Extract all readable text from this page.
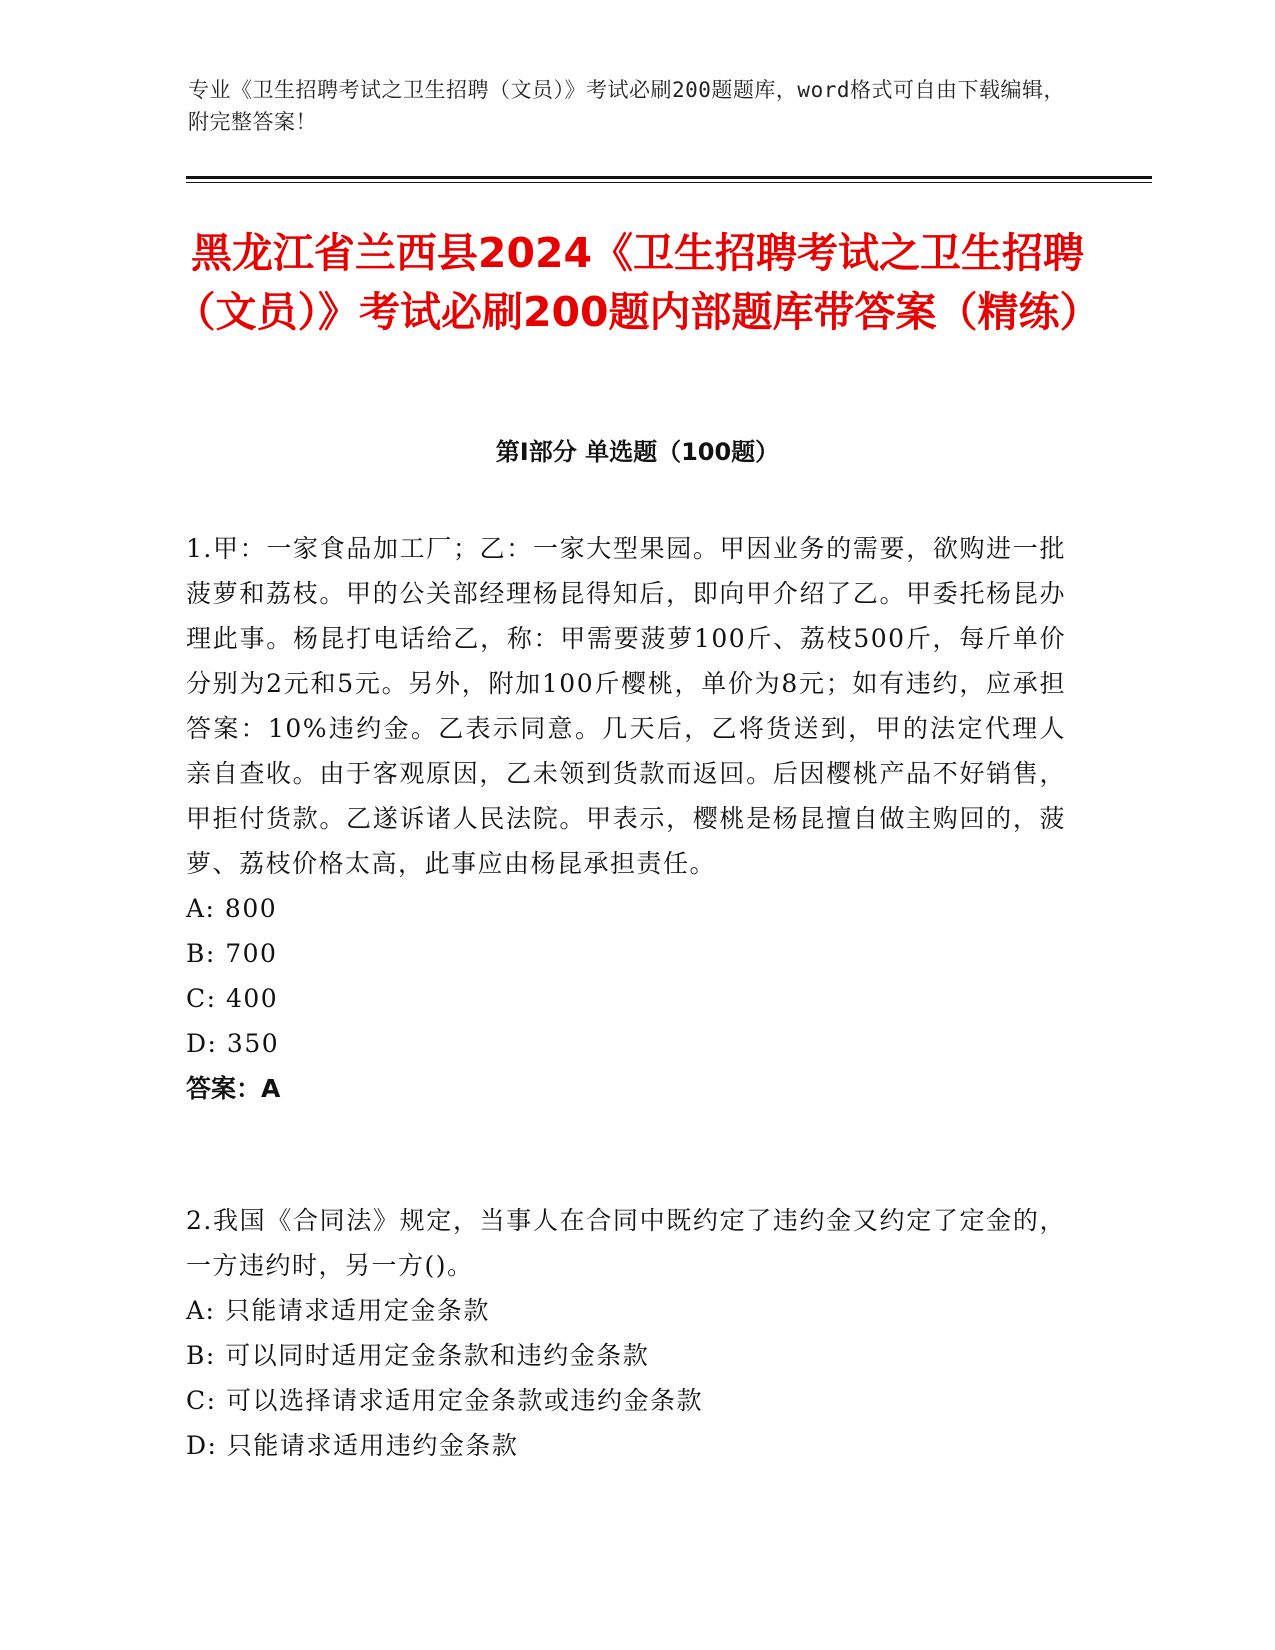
专业《卫生招聘考试之卫生招聘（文员）》考试必刷200题题库，word格式可自由下载编辑，附完整答案！
黑龙江省兰西县2024《卫生招聘考试之卫生招聘（文员）》考试必刷200题内部题库带答案（精练）
第Ⅰ部分 单选题（100题）

1.甲：一家食品加工厂；乙：一家大型果园。甲因业务的需要，欲购进一批菠萝和荔枝。甲的公关部经理杨昆得知后，即向甲介绍了乙。甲委托杨昆办理此事。杨昆打电话给乙，称：甲需要菠萝100斤、荔枝500斤，每斤单价分别为2元和5元。另外，附加100斤樱桃，单价为8元；如有违约，应承担答案：10%违约金。乙表示同意。几天后，乙将货送到，甲的法定代理人亲自查收。由于客观原因，乙未领到货款而返回。后因樱桃产品不好销售，甲拒付货款。乙遂诉诸人民法院。甲表示，樱桃是杨昆擅自做主购回的，菠萝、荔枝价格太高，此事应由杨昆承担责任。

A: 800
B: 700
C: 400
D: 350

答案：A

2.我国《合同法》规定，当事人在合同中既约定了违约金又约定了定金的，一方违约时，另一方()。

A: 只能请求适用定金条款
B: 可以同时适用定金条款和违约金条款
C: 可以选择请求适用定金条款或违约金条款
D: 只能请求适用违约金条款
